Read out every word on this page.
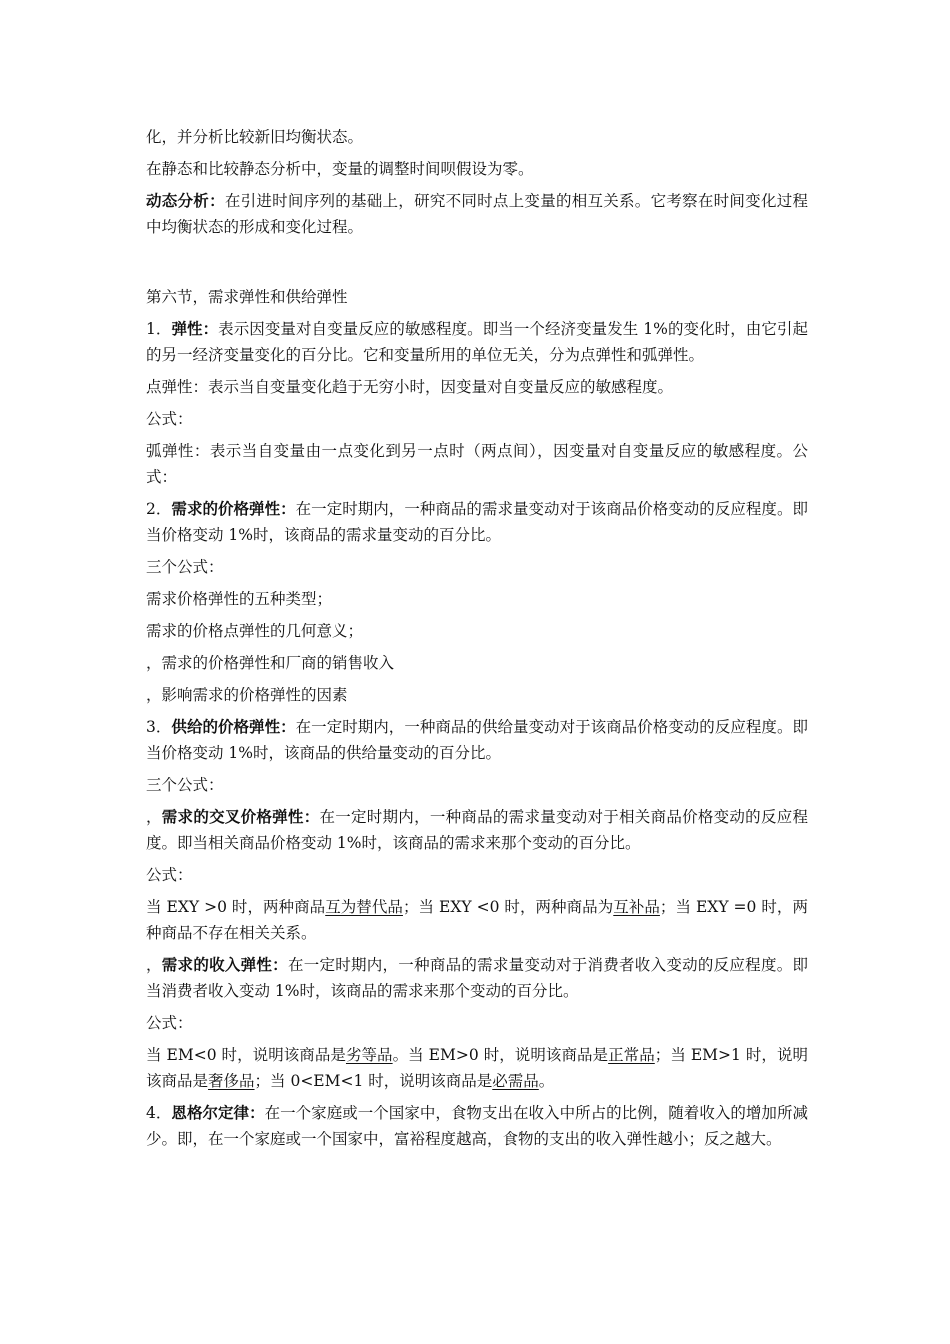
化，并分析比较新旧均衡状态。

在静态和比较静态分析中，变量的调整时间呗假设为零。

动态分析：在引进时间序列的基础上，研究不同时点上变量的相互关系。它考察在时间变化过程中均衡状态的形成和变化过程。

第六节，需求弹性和供给弹性

1．弹性：表示因变量对自变量反应的敏感程度。即当一个经济变量发生 1%的变化时，由它引起的另一经济变量变化的百分比。它和变量所用的单位无关，分为点弹性和弧弹性。

点弹性：表示当自变量变化趋于无穷小时，因变量对自变量反应的敏感程度。

公式：

弧弹性：表示当自变量由一点变化到另一点时（两点间），因变量对自变量反应的敏感程度。公式：

2．需求的价格弹性：在一定时期内，一种商品的需求量变动对于该商品价格变动的反应程度。即当价格变动 1%时，该商品的需求量变动的百分比。

三个公式：

需求价格弹性的五种类型；

需求的价格点弹性的几何意义；

，需求的价格弹性和厂商的销售收入

，影响需求的价格弹性的因素

3．供给的价格弹性：在一定时期内，一种商品的供给量变动对于该商品价格变动的反应程度。即当价格变动 1%时，该商品的供给量变动的百分比。

三个公式：

，需求的交叉价格弹性：在一定时期内，一种商品的需求量变动对于相关商品价格变动的反应程度。即当相关商品价格变动 1%时，该商品的需求来那个变动的百分比。

公式：

当 EXY >0 时，两种商品互为替代品；当 EXY <0 时，两种商品为互补品；当 EXY =0 时，两种商品不存在相关关系。

，需求的收入弹性：在一定时期内，一种商品的需求量变动对于消费者收入变动的反应程度。即当消费者收入变动 1%时，该商品的需求来那个变动的百分比。

公式：

当 EM<0 时，说明该商品是劣等品。当 EM>0 时，说明该商品是正常品；当 EM>1 时，说明该商品是奢侈品；当 0<EM<1 时，说明该商品是必需品。

4．恩格尔定律：在一个家庭或一个国家中，食物支出在收入中所占的比例，随着收入的增加所减少。即，在一个家庭或一个国家中，富裕程度越高，食物的支出的收入弹性越小；反之越大。
